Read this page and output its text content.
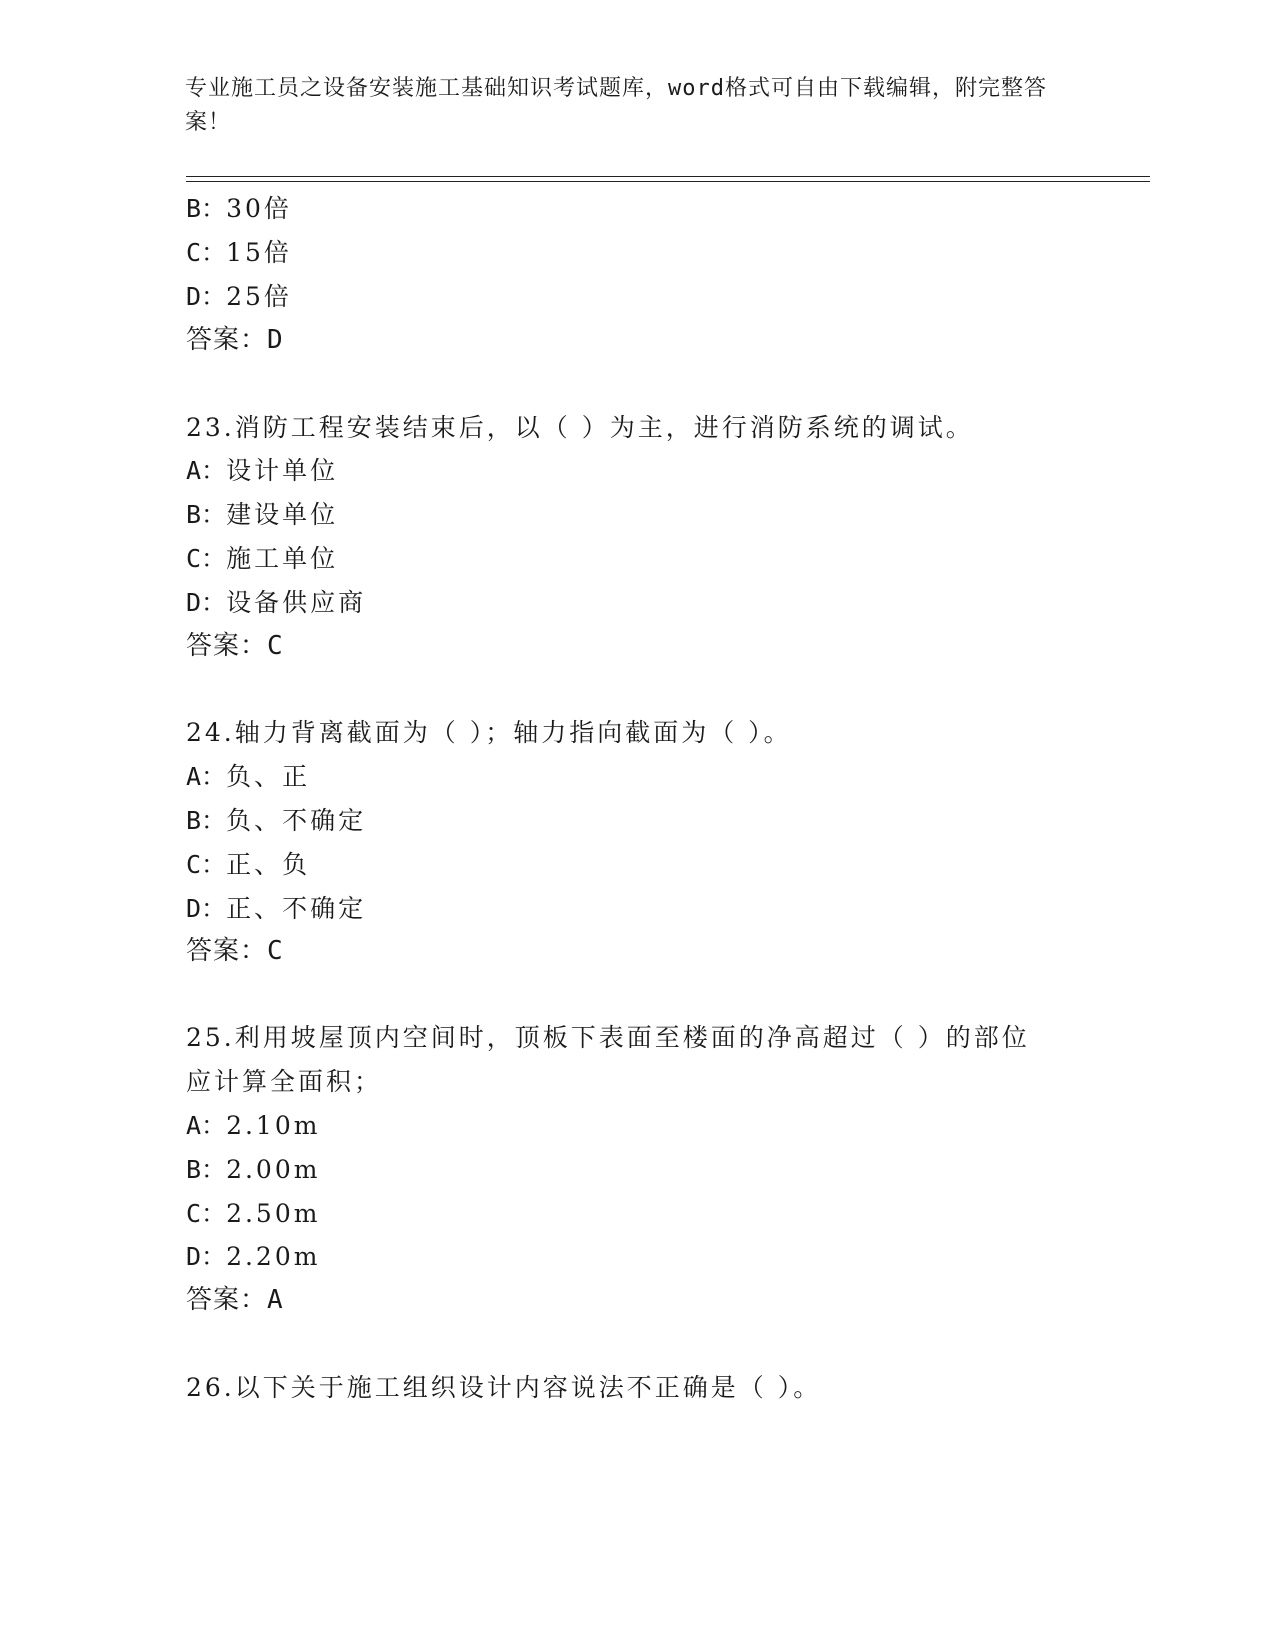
专业施工员之设备安装施工基础知识考试题库，word格式可自由下载编辑，附完整答案！
B：30倍
C：15倍
D：25倍
答案：D
23.消防工程安装结束后，以（ ）为主，进行消防系统的调试。
A：设计单位
B：建设单位
C：施工单位
D：设备供应商
答案：C
24.轴力背离截面为（ ）；轴力指向截面为（ ）。
A：负、正
B：负、不确定
C：正、负
D：正、不确定
答案：C
25.利用坡屋顶内空间时，顶板下表面至楼面的净高超过（ ）的部位
应计算全面积；
A：2.10m
B：2.00m
C：2.50m
D：2.20m
答案：A
26.以下关于施工组织设计内容说法不正确是（ ）。
